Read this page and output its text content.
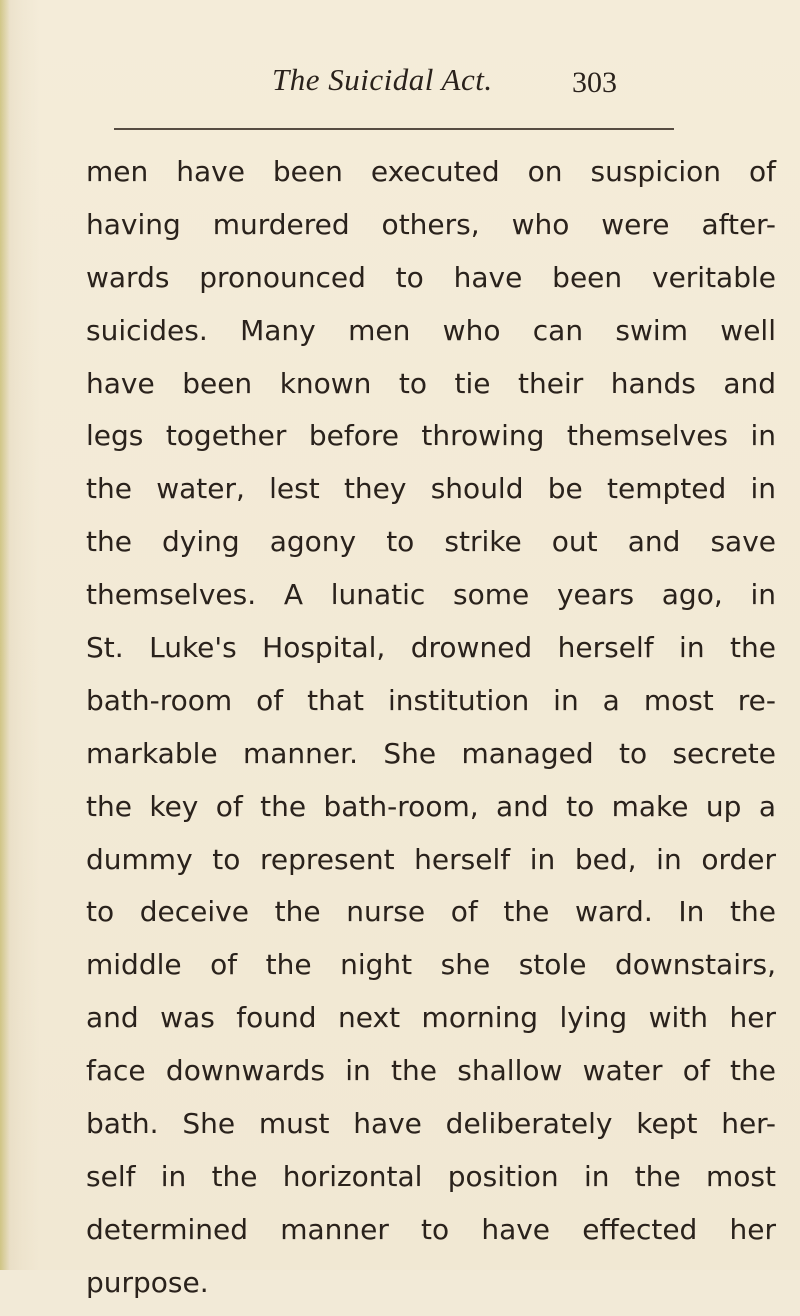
The Suicidal Act.	303
men have been executed on suspicion of
having murdered others, who were after-
wards pronounced to have been veritable
suicides. Many men who can swim well
have been known to tie their hands and
legs together before throwing themselves in
the water, lest they should be tempted in
the dying agony to strike out and save
themselves. A lunatic some years ago, in
St. Luke's Hospital, drowned herself in the
bath-room of that institution in a most re-
markable manner. She managed to secrete
the key of the bath-room, and to make up a
dummy to represent herself in bed, in order
to deceive the nurse of the ward. In the
middle of the night she stole downstairs,
and was found next morning lying with her
face downwards in the shallow water of the
bath. She must have deliberately kept her-
self in the horizontal position in the most
determined manner to have effected her
purpose.
